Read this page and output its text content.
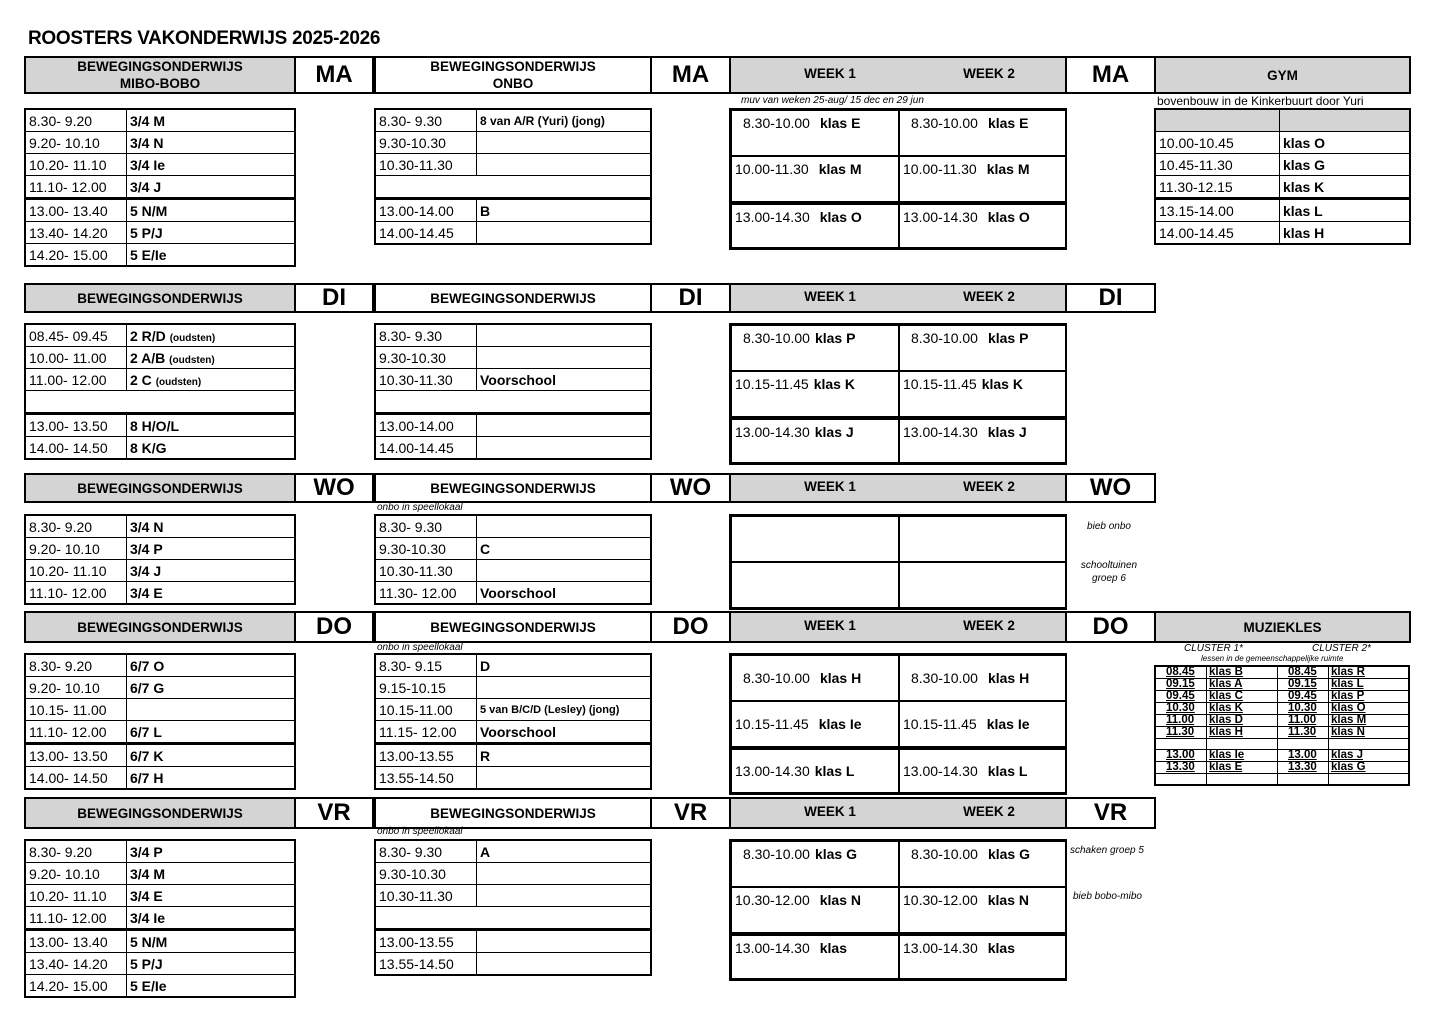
ROOSTERS VAKONDERWIJS 2025-2026
BEWEGINGSONDERWIJS MIBO-BOBO	MA	BEWEGINGSONDERWIJS ONBO	MA	WEEK 1	WEEK 2	MA	GYM
muv van weken 25-aug/ 15 dec en 29 jun	bovenbouw in de Kinkerbuurt door Yuri
8.30- 9.20	3/4 M
9.20- 10.10	3/4 N
10.20- 11.10	3/4 Ie
11.10- 12.00	3/4 J
13.00- 13.40	5 N/M
13.40- 14.20	5 P/J
14.20- 15.00	5 E/Ie
8.30- 9.30	8 van A/R (Yuri) (jong)
9.30-10.30	
10.30-11.30	

13.00-14.00	B
14.00-14.45	
8.30-10.00 klas E	8.30-10.00 klas E
10.00-11.30 klas M	10.00-11.30 klas M
13.00-14.30 klas O	13.00-14.30 klas O

10.00-10.45	klas O
10.45-11.30	klas G
11.30-12.15	klas K
13.15-14.00	klas L
14.00-14.45	klas H
BEWEGINGSONDERWIJS	DI	BEWEGINGSONDERWIJS	DI	WEEK 1	WEEK 2	DI
08.45- 09.45	2 R/D (oudsten)
10.00- 11.00	2 A/B (oudsten)
11.00- 12.00	2 C (oudsten)

13.00- 13.50	8 H/O/L
14.00- 14.50	8 K/G
8.30- 9.30	
9.30-10.30	
10.30-11.30	Voorschool

13.00-14.00	
14.00-14.45	
8.30-10.00 klas P	8.30-10.00 klas P
10.15-11.45 klas K	10.15-11.45 klas K
13.00-14.30 klas J	13.00-14.30 klas J
BEWEGINGSONDERWIJS	WO	BEWEGINGSONDERWIJS	WO	WEEK 1	WEEK 2	WO
onbo in speellokaal
8.30- 9.20	3/4 N
9.20- 10.10	3/4 P
10.20- 11.10	3/4 J
11.10- 12.00	3/4 E
8.30- 9.30	
9.30-10.30	C
10.30-11.30	
11.30- 12.00	Voorschool
bieb onbo
schooltuinen groep 6
BEWEGINGSONDERWIJS	DO	BEWEGINGSONDERWIJS	DO	WEEK 1	WEEK 2	DO	MUZIEKLES
onbo in speellokaal
8.30- 9.20	6/7 O
9.20- 10.10	6/7 G
10.15- 11.00	
11.10- 12.00	6/7 L
13.00- 13.50	6/7 K
14.00- 14.50	6/7 H
8.30- 9.15	D
9.15-10.15	
10.15-11.00	5 van B/C/D (Lesley) (jong)
11.15- 12.00	Voorschool
13.00-13.55	R
13.55-14.50	
8.30-10.00 klas H	8.30-10.00 klas H
10.15-11.45 klas Ie	10.15-11.45 klas Ie
13.00-14.30 klas L	13.00-14.30 klas L
CLUSTER 1*	CLUSTER 2*
lessen in de gemeenschappelijke ruimte
08.45	klas B	08.45	klas R
09.15	klas A	09.15	klas L
09.45	klas C	09.45	klas P
10.30	klas K	10.30	klas O
11.00	klas D	11.00	klas M
11.30	klas H	11.30	klas N

13.00	klas Ie	13.00	klas J
13.30	klas E	13.30	klas G

BEWEGINGSONDERWIJS	VR	BEWEGINGSONDERWIJS	VR	WEEK 1	WEEK 2	VR
onbo in speellokaal
8.30- 9.20	3/4 P
9.20- 10.10	3/4 M
10.20- 11.10	3/4 E
11.10- 12.00	3/4 Ie
13.00- 13.40	5 N/M
13.40- 14.20	5 P/J
14.20- 15.00	5 E/Ie
8.30- 9.30	A
9.30-10.30	
10.30-11.30	

13.00-13.55	
13.55-14.50	
8.30-10.00 klas G	8.30-10.00 klas G
10.30-12.00 klas N	10.30-12.00 klas N
13.00-14.30 klas	13.00-14.30 klas
schaken groep 5
bieb bobo-mibo
